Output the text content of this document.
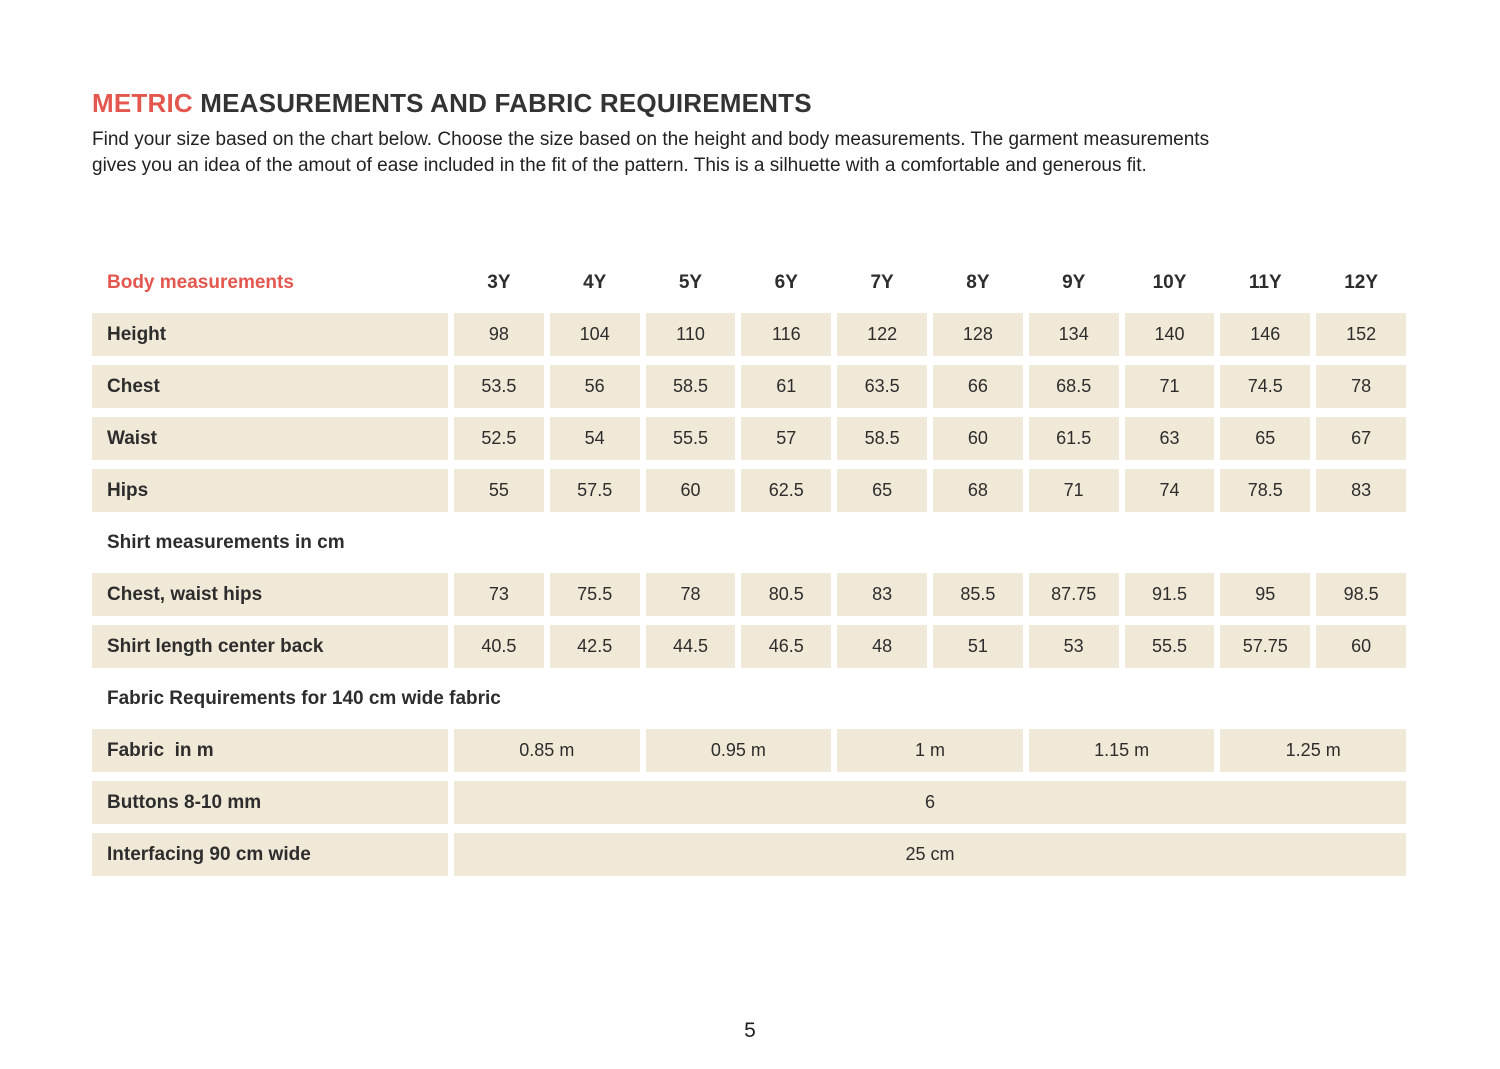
METRIC MEASUREMENTS AND FABRIC REQUIREMENTS
Find your size based on the chart below. Choose the size based on the height and body measurements. The garment measurements
gives you an idea of the amout of ease included in the fit of the pattern. This is a silhuette with a comfortable and generous fit.
Body measurements	3Y	4Y	5Y	6Y	7Y	8Y	9Y	10Y	11Y	12Y
Height	98	104	110	116	122	128	134	140	146	152
Chest	53.5	56	58.5	61	63.5	66	68.5	71	74.5	78
Waist	52.5	54	55.5	57	58.5	60	61.5	63	65	67
Hips	55	57.5	60	62.5	65	68	71	74	78.5	83
Shirt measurements in cm
Chest, waist hips	73	75.5	78	80.5	83	85.5	87.75	91.5	95	98.5
Shirt length center back	40.5	42.5	44.5	46.5	48	51	53	55.5	57.75	60
Fabric Requirements for 140 cm wide fabric
Fabric  in m	0.85 m	0.95 m	1 m	1.15 m	1.25 m
Buttons 8-10 mm	6
Interfacing 90 cm wide	25 cm
5
